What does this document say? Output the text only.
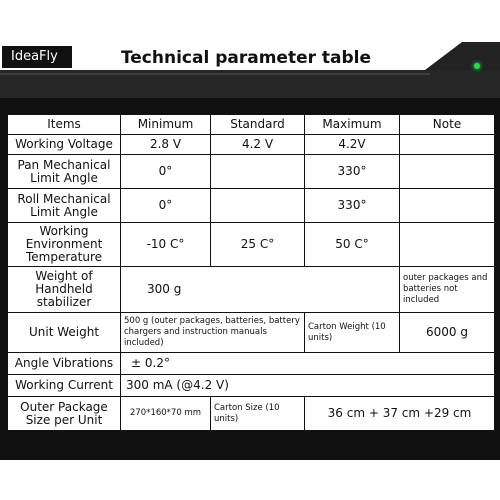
IdeaFly	Technical parameter table
Items	Minimum	Standard	Maximum	Note
Working Voltage	2.8 V	4.2 V	4.2V	
Pan Mechanical Limit Angle	0°		330°	
Roll Mechanical Limit Angle	0°		330°	
Working Environment Temperature	-10 C°	25 C°	50 C°	
Weight of Handheld stabilizer	300 g			outer packages and batteries not included
Unit Weight	500 g (outer packages, batteries, battery chargers and instruction manuals included)		Carton Weight (10 units)	6000 g
Angle Vibrations	± 0.2°			
Working Current	300 mA (@4.2 V)			
Outer Package Size per Unit	270*160*70 mm	Carton Size (10 units)	36 cm + 37 cm +29 cm	
